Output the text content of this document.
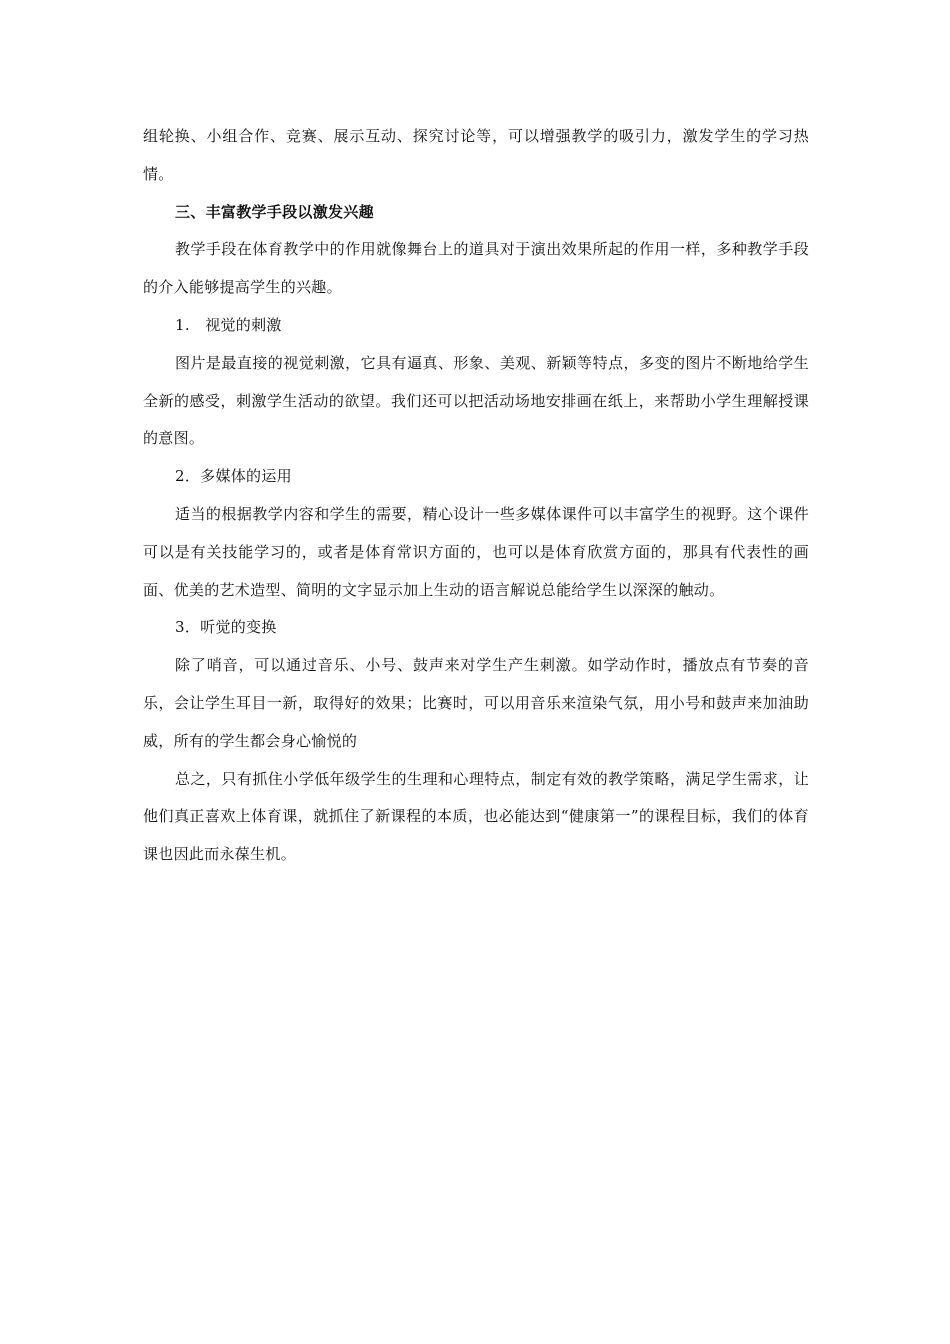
组轮换、小组合作、竞赛、展示互动、探究讨论等，可以增强教学的吸引力，激发学生的学习热情。

三、丰富教学手段以激发兴趣

教学手段在体育教学中的作用就像舞台上的道具对于演出效果所起的作用一样，多种教学手段的介入能够提高学生的兴趣。

1.　视觉的刺激

图片是最直接的视觉刺激，它具有逼真、形象、美观、新颖等特点，多变的图片不断地给学生全新的感受，刺激学生活动的欲望。我们还可以把活动场地安排画在纸上，来帮助小学生理解授课的意图。

2．多媒体的运用

适当的根据教学内容和学生的需要，精心设计一些多媒体课件可以丰富学生的视野。这个课件可以是有关技能学习的，或者是体育常识方面的，也可以是体育欣赏方面的，那具有代表性的画面、优美的艺术造型、简明的文字显示加上生动的语言解说总能给学生以深深的触动。

3．听觉的变换

除了哨音，可以通过音乐、小号、鼓声来对学生产生刺激。如学动作时，播放点有节奏的音乐，会让学生耳目一新，取得好的效果；比赛时，可以用音乐来渲染气氛，用小号和鼓声来加油助威，所有的学生都会身心愉悦的

总之，只有抓住小学低年级学生的生理和心理特点，制定有效的教学策略，满足学生需求，让他们真正喜欢上体育课，就抓住了新课程的本质，也必能达到“健康第一”的课程目标，我们的体育课也因此而永葆生机。
